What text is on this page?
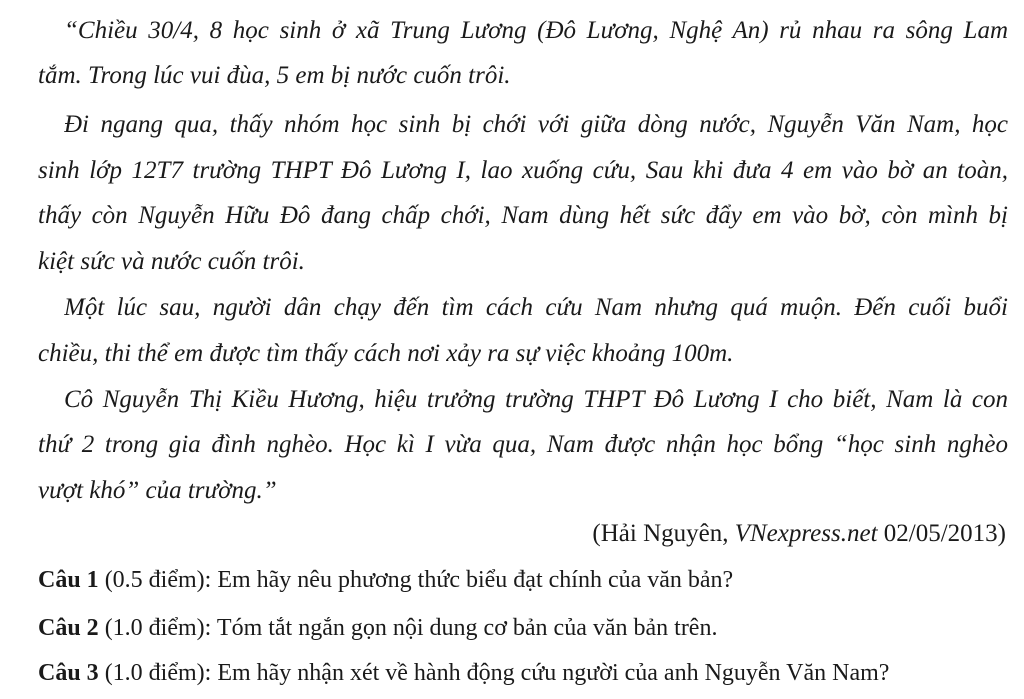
“Chiều 30/4, 8 học sinh ở xã Trung Lương (Đô Lương, Nghệ An) rủ nhau ra sông Lam
tắm. Trong lúc vui đùa, 5 em bị nước cuốn trôi.
Đi ngang qua, thấy nhóm học sinh bị chới với giữa dòng nước, Nguyễn Văn Nam, học
sinh lớp 12T7 trường THPT Đô Lương I, lao xuống cứu, Sau khi đưa 4 em vào bờ an toàn,
thấy còn Nguyễn Hữu Đô đang chấp chới, Nam dùng hết sức đẩy em vào bờ, còn mình bị
kiệt sức và nước cuốn trôi.
Một lúc sau, người dân chạy đến tìm cách cứu Nam nhưng quá muộn. Đến cuối buổi
chiều, thi thể em được tìm thấy cách nơi xảy ra sự việc khoảng 100m.
Cô Nguyễn Thị Kiều Hương, hiệu trưởng trường THPT Đô Lương I cho biết, Nam là con
thứ 2 trong gia đình nghèo. Học kì I vừa qua, Nam được nhận học bổng “học sinh nghèo
vượt khó” của trường.”
(Hải Nguyên, VNexpress.net 02/05/2013)
Câu 1 (0.5 điểm): Em hãy nêu phương thức biểu đạt chính của văn bản?
Câu 2 (1.0 điểm): Tóm tắt ngắn gọn nội dung cơ bản của văn bản trên.
Câu 3 (1.0 điểm): Em hãy nhận xét về hành động cứu người của anh Nguyễn Văn Nam?
